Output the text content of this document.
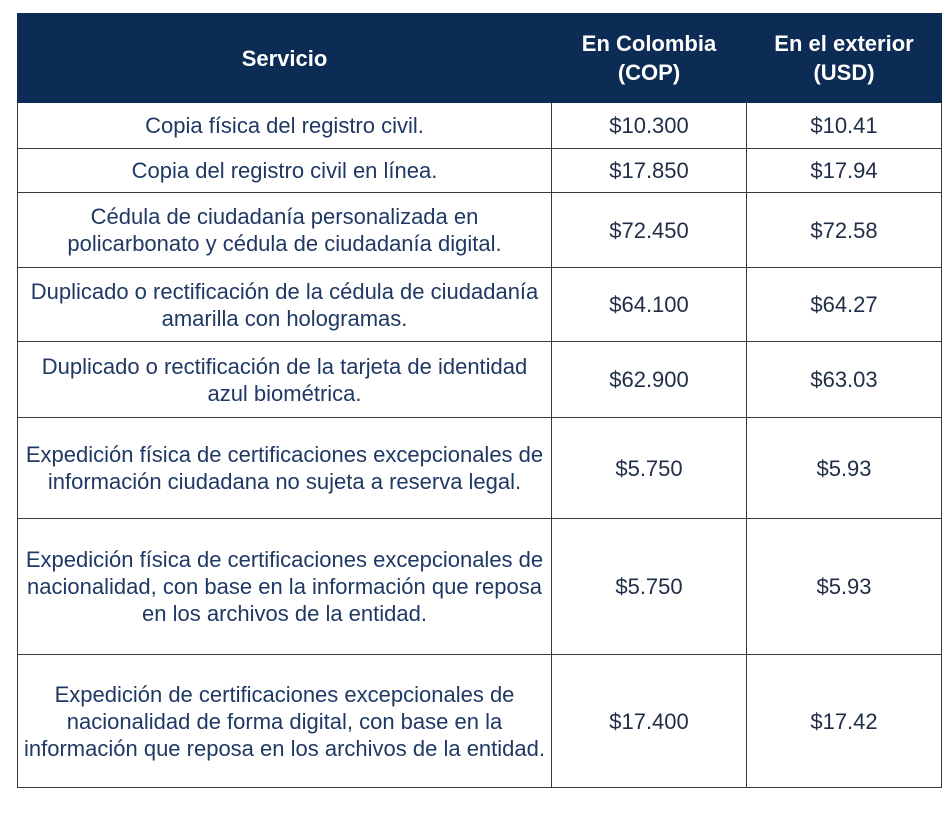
Servicio	En Colombia (COP)	En el exterior (USD)
Copia física del registro civil.	$10.300	$10.41
Copia del registro civil en línea.	$17.850	$17.94
Cédula de ciudadanía personalizada en policarbonato y cédula de ciudadanía digital.	$72.450	$72.58
Duplicado o rectificación de la cédula de ciudadanía amarilla con hologramas.	$64.100	$64.27
Duplicado o rectificación de la tarjeta de identidad azul biométrica.	$62.900	$63.03
Expedición física de certificaciones excepcionales de información ciudadana no sujeta a reserva legal.	$5.750	$5.93
Expedición física de certificaciones excepcionales de nacionalidad, con base en la información que reposa en los archivos de la entidad.	$5.750	$5.93
Expedición de certificaciones excepcionales de nacionalidad de forma digital, con base en la información que reposa en los archivos de la entidad.	$17.400	$17.42
